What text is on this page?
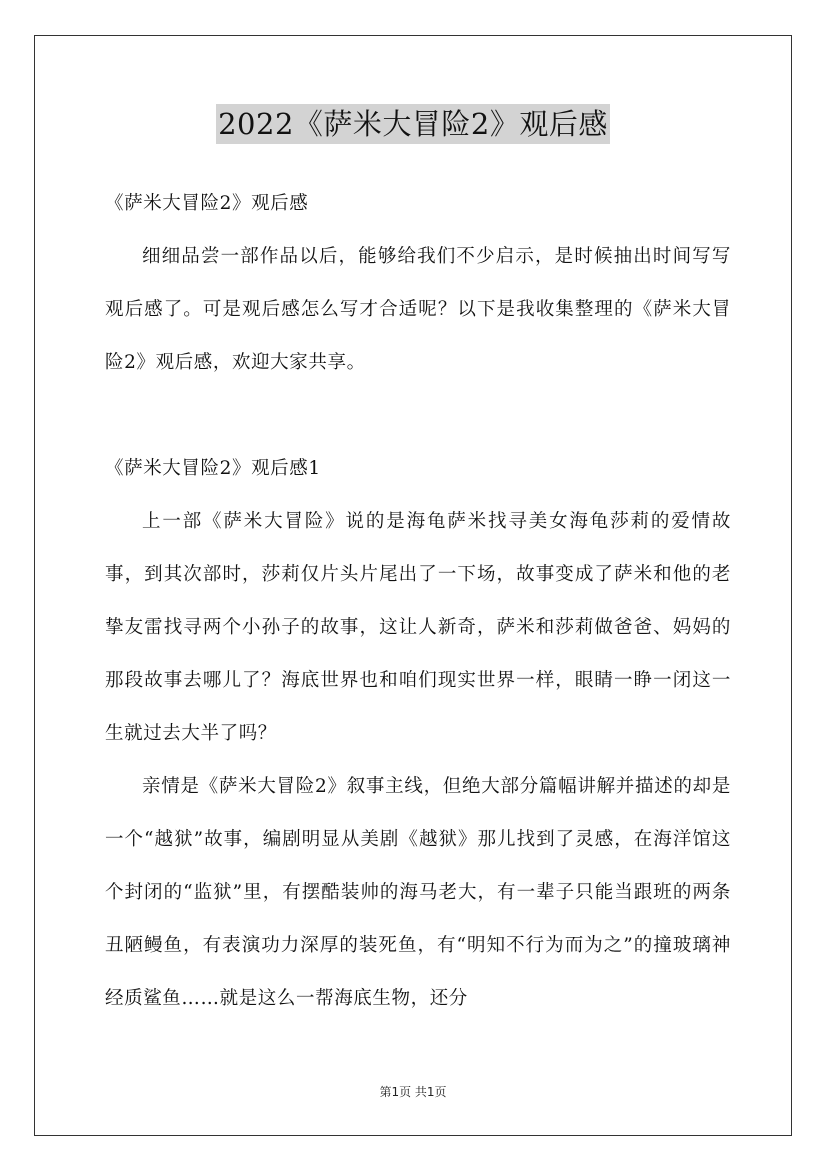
2022《萨米大冒险2》观后感

《萨米大冒险2》观后感

细细品尝一部作品以后，能够给我们不少启示，是时候抽出时间写写观后感了。可是观后感怎么写才合适呢？以下是我收集整理的《萨米大冒险2》观后感，欢迎大家共享。

《萨米大冒险2》观后感1

上一部《萨米大冒险》说的是海龟萨米找寻美女海龟莎莉的爱情故事，到其次部时，莎莉仅片头片尾出了一下场，故事变成了萨米和他的老挚友雷找寻两个小孙子的故事，这让人新奇，萨米和莎莉做爸爸、妈妈的那段故事去哪儿了？海底世界也和咱们现实世界一样，眼睛一睁一闭这一生就过去大半了吗？

亲情是《萨米大冒险2》叙事主线，但绝大部分篇幅讲解并描述的却是一个“越狱”故事，编剧明显从美剧《越狱》那儿找到了灵感，在海洋馆这个封闭的“监狱”里，有摆酷装帅的海马老大，有一辈子只能当跟班的两条丑陋鳗鱼，有表演功力深厚的装死鱼，有“明知不行为而为之”的撞玻璃神经质鲨鱼……就是这么一帮海底生物，还分

第1页 共1页
